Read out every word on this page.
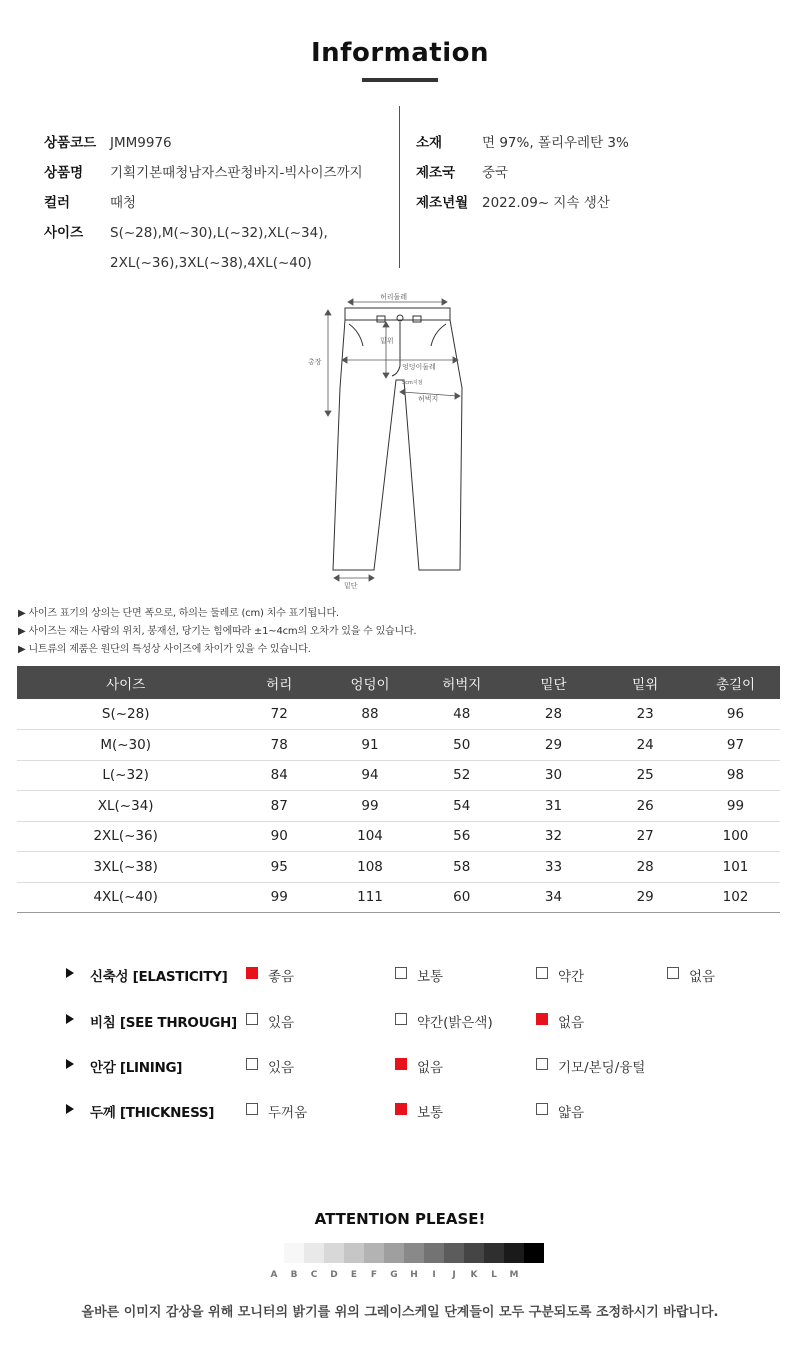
Information
상품코드	JMM9976
상품명	기획기본때청남자스판청바지-빅사이즈까지
컬러	때청
사이즈	S(~28),M(~30),L(~32),XL(~34),
2XL(~36),3XL(~38),4XL(~40)
소재	면 97%, 폴리우레탄 3%
제조국	중국
제조년월	2022.09~ 지속 생산
허리둘레
총장
밑위
엉덩이둘레
허벅지
밑단
5cm지점
▶ 사이즈 표기의 상의는 단면 폭으로, 하의는 둘레로 (cm) 치수 표기됩니다.
▶ 사이즈는 재는 사람의 위치, 봉재선, 당기는 힘에따라 ±1~4cm의 오차가 있을 수 있습니다.
▶ 니트류의 제품은 원단의 특성상 사이즈에 차이가 있을 수 있습니다.
사이즈	허리	엉덩이	허벅지	밑단	밑위	총길이
S(~28)	72	88	48	28	23	96
M(~30)	78	91	50	29	24	97
L(~32)	84	94	52	30	25	98
XL(~34)	87	99	54	31	26	99
2XL(~36)	90	104	56	32	27	100
3XL(~38)	95	108	58	33	28	101
4XL(~40)	99	111	60	34	29	102
신축성 [ELASTICITY]	좋음	보통	약간	없음
비침 [SEE THROUGH] 있음	약간(밝은색)	없음
안감 [LINING]	있음	없음	기모/본딩/융털
두께 [THICKNESS]	두꺼움	보통	얇음
ATTENTION PLEASE!
A	B	C	D	E	F	G	H	I	J	K	L	M
올바른 이미지 감상을 위해 모니터의 밝기를 위의 그레이스케일 단계들이 모두 구분되도록 조정하시기 바랍니다.
